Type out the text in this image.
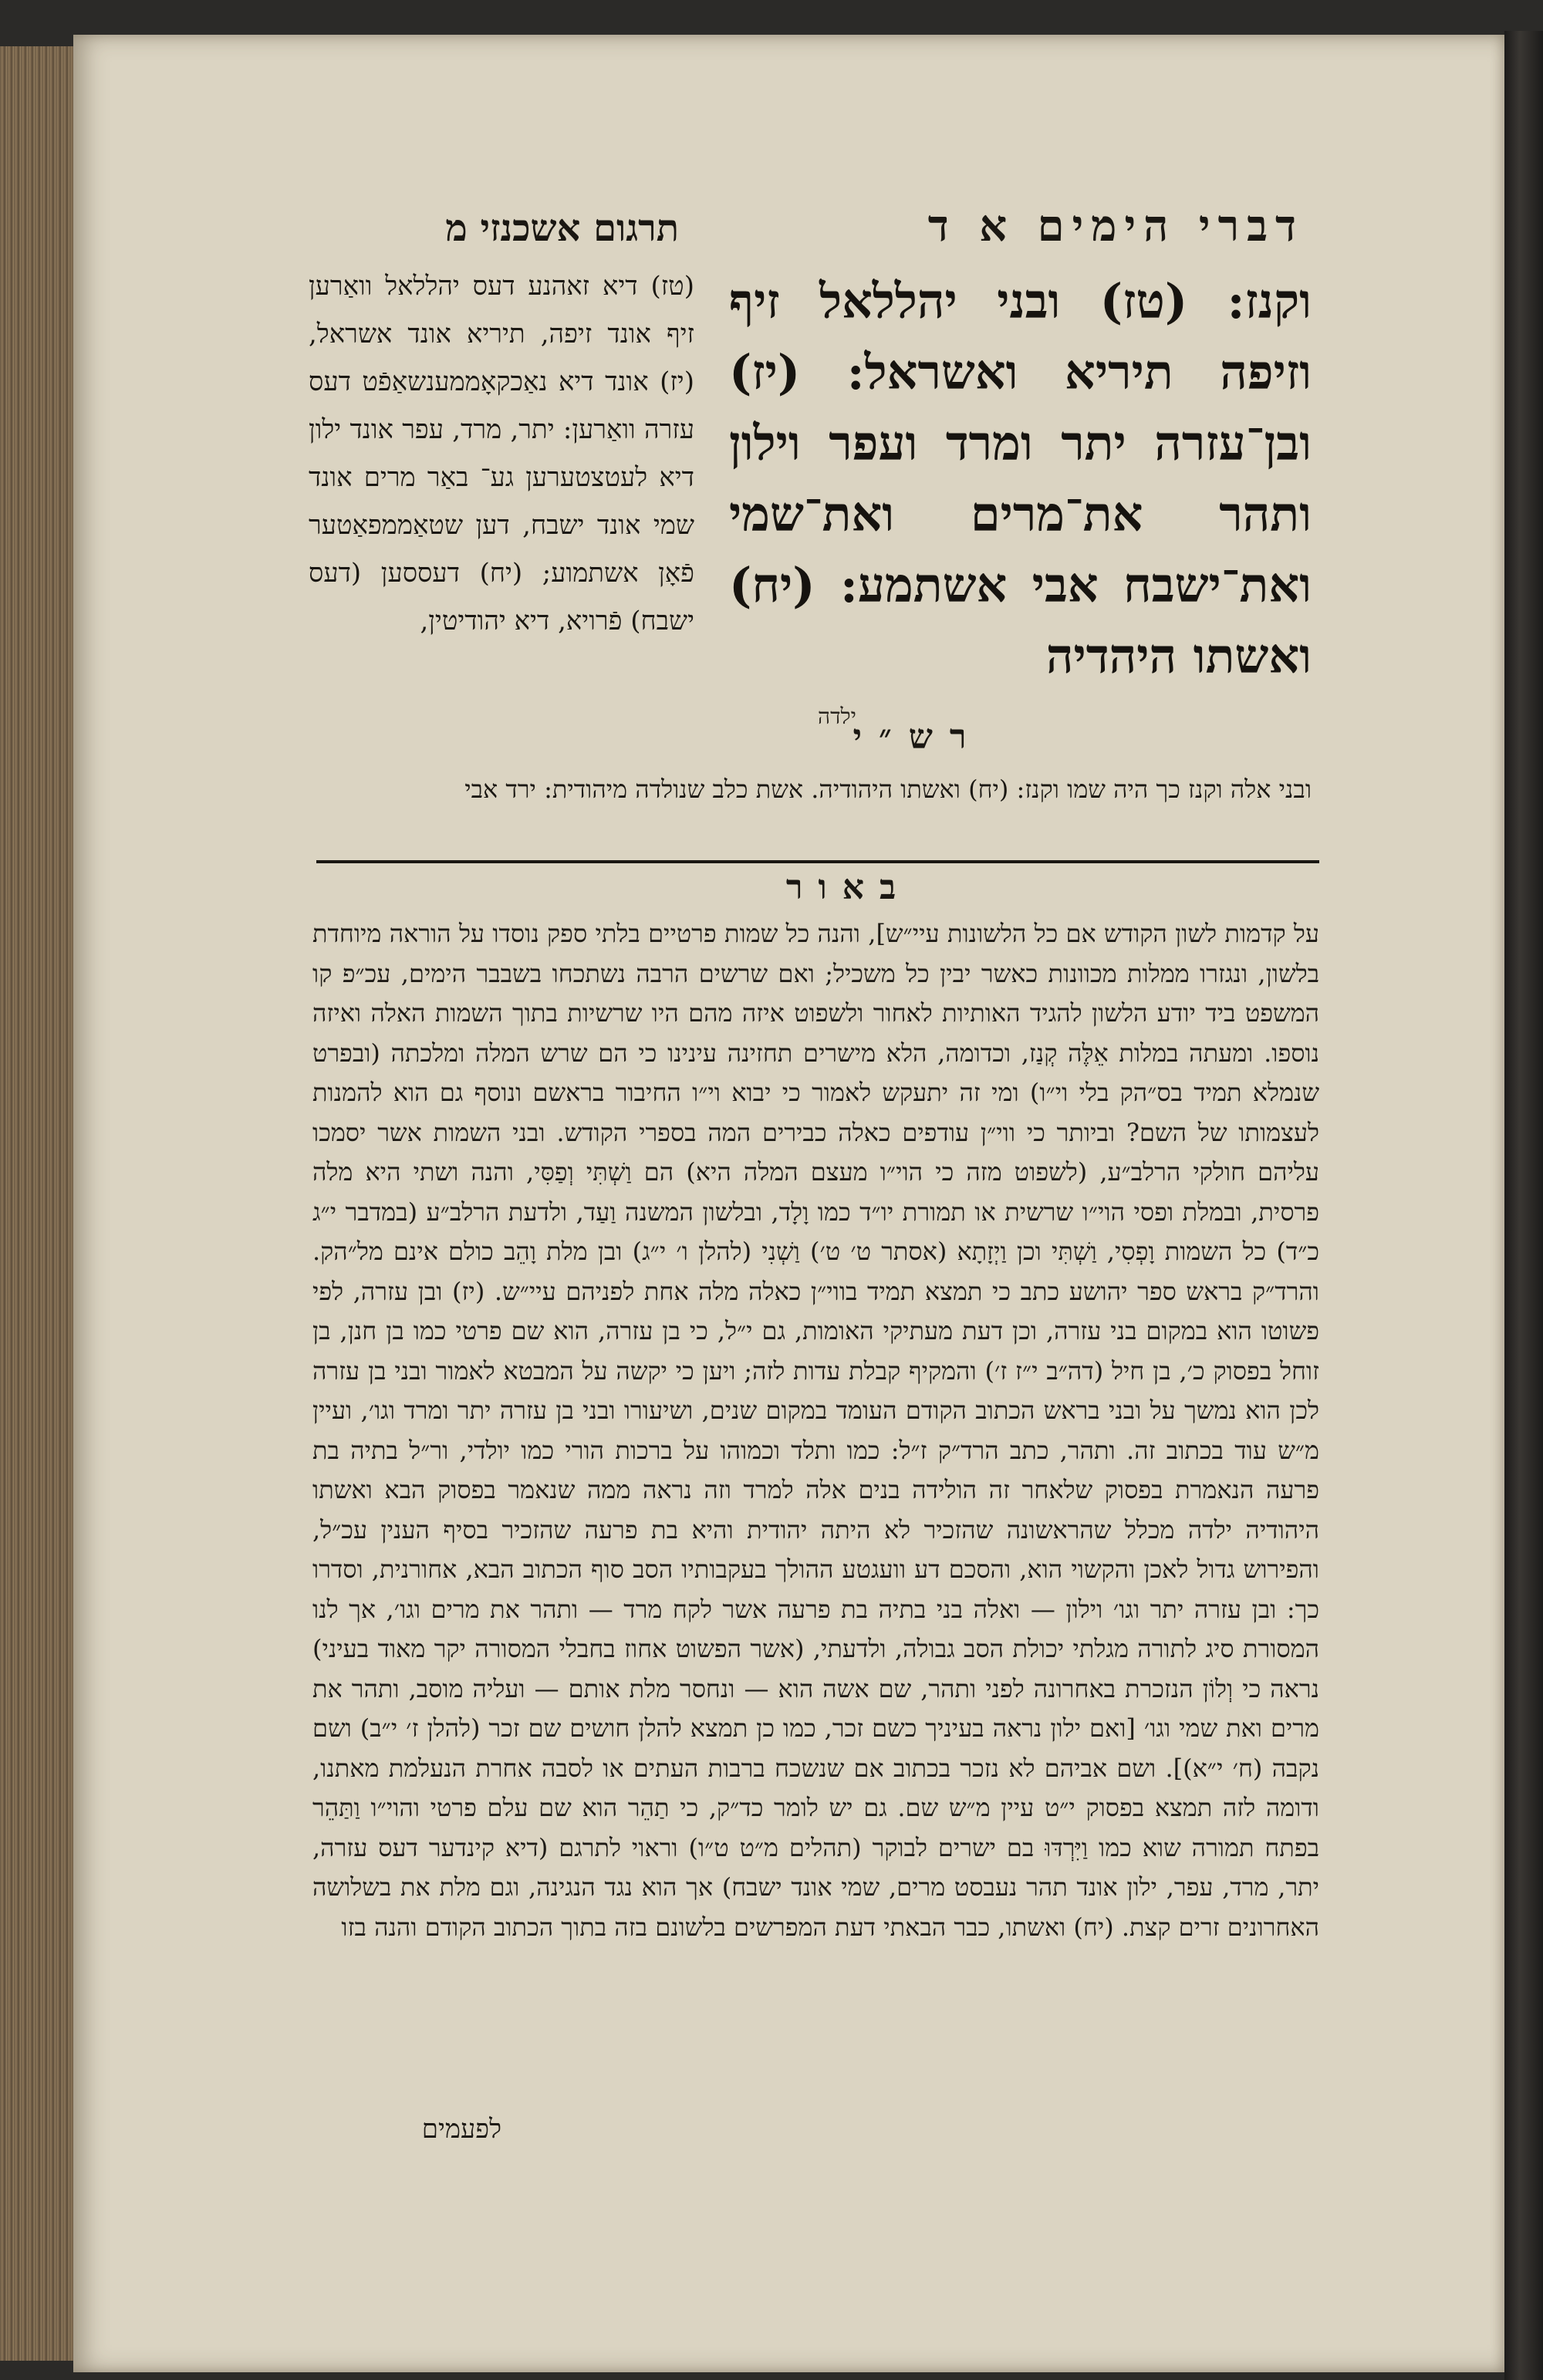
דברי הימים א ד
תרגום אשכנזי מ
וקנז: (טז) ובני יהללאל זיף וזיפה תיריא ואשראל: (יז) ובן־עזרה יתר ומרד ועפר וילון ותהר את־מרים ואת־שמי ואת־ישבח אבי אשתמע: (יח) ואשתו היהדיה
ילדה
(טז) דיא זאהנע דעס יהללאל וואַרען זיף אונד זיפה, תיריא אונד אשראל, (יז) אונד דיא נאַכקאָממענשאַפֿט דעס עזרה וואַרען: יתר, מרד, עפר אונד ילון דיא לעטצטערען גע־ באַר מרים אונד שמי אונד ישבח, דען שטאַממפאַטער פֿאָן אשתמוע; (יח) דעססען (דעס ישבח) פֿרויא, דיא יהודיטין,
רש״י
ובני אלה וקנז כך היה שמו וקנז: (יח) ואשתו היהודיה. אשת כלב שנולדה מיהודית: ירד אבי
באור

על קדמות לשון הקודש אם כל הלשונות עיי״ש], והנה כל שמות פרטיים בלתי ספק נוסדו על הוראה מיוחדת בלשון, ונגזרו ממלות מכוונות כאשר יבין כל משכיל; ואם שרשים הרבה נשתכחו בשבבר הימים, עכ״פ קו המשפט ביד יודע הלשון להגיד האותיות לאחור ולשפוט איזה מהם היו שרשיות בתוך השמות האלה ואיזה נוספו. ומעתה במלות אֵלֶּה קְנַז, וכדומה, הלא מישרים תחזינה עינינו כי הם שרש המלה ומלכתה (ובפרט שנמלא תמיד בס״הק בלי וי״ו) ומי זה יתעקש לאמור כי יבוא וי״ו החיבור בראשם ונוסף גם הוא להמנות לעצמותו של השם? וביותר כי ווי״ן עודפים כאלה כבירים המה בספרי הקודש. ובני השמות אשר יסמכו עליהם חולקי הרלב״ע, (לשפוט מזה כי הוי״ו מעצם המלה היא) הם וַשְׁתִּי וְפַסִּי, והנה ושתי היא מלה פרסית, ובמלת ופסי הוי״ו שרשית או תמורת יו״ד כמו וָלָד, ובלשון המשנה וַעַד, ולדעת הרלב״ע (במדבר י״ג כ״ד) כל השמות וָפְסִי, וַשְׁתִּי וכן וַיְזָתָא (אסתר ט׳ ט׳) וַשְׁנִי (להלן ו׳ י״ג) ובן מלת וָהֵב כולם אינם מל״הק. והרד״ק בראש ספר יהושע כתב כי תמצא תמיד בווי״ן כאלה מלה אחת לפניהם עיי״ש. (יז) ובן עזרה, לפי פשוטו הוא במקום בני עזרה, וכן דעת מעתיקי האומות, גם י״ל, כי בן עזרה, הוא שם פרטי כמו בן חנן, בן זוחל בפסוק כ׳, בן חיל (דה״ב י״ז ז׳) והמקיף קבלת עדות לזה; ויען כי יקשה על המבטא לאמור ובני בן עזרה לכן הוא נמשך על ובני בראש הכתוב הקודם העומד במקום שנים, ושיעורו ובני בן עזרה יתר ומרד וגו׳, ועיין מ״ש עוד בכתוב זה. ותהר, כתב הרד״ק ז״ל: כמו ותלד וכמוהו על ברכות הורי כמו יולדי, ור״ל בתיה בת פרעה הנאמרת בפסוק שלאחר זה הולידה בנים אלה למרד וזה נראה ממה שנאמר בפסוק הבא ואשתו היהודיה ילדה מכלל שהראשונה שהזכיר לא היתה יהודית והיא בת פרעה שהזכיר בסיף הענין עכ״ל, והפירוש גדול לאכן והקשוי הוא, והסכם דע וועגטע ההולך בעקבותיו הסב סוף הכתוב הבא, אחורנית, וסדרו כך: ובן עזרה יתר וגו׳ וילון — ואלה בני בתיה בת פרעה אשר לקח מרד — ותהר את מרים וגו׳, אך לנו המסורת סיג לתורה מגלתי יכולת הסב גבולה, ולדעתי, (אשר הפשוט אחוז בחבלי המסורה יקר מאוד בעיני) נראה כי וְלוֹן הנזכרת באחרונה לפני ותהר, שם אשה הוא — ונחסר מלת אותם — ועליה מוסב, ותהר את מרים ואת שמי וגו׳ [ואם ילון נראה בעיניך כשם זכר, כמו כן תמצא להלן חושים שם זכר (להלן ז׳ י״ב) ושם נקבה (ח׳ י״א)]. ושם אביהם לא נזכר בכתוב אם שנשכח ברבות העתים או לסבה אחרת הנעלמת מאתנו, ודומה לזה תמצא בפסוק י״ט עיין מ״ש שם. גם יש לומר כד״ק, כי תַהֵר הוא שם עלם פרטי והוי״ו וַתַּהֵר בפתח תמורה שוא כמו וַיִּרְדּוּ בם ישרים לבוקר (תהלים מ״ט ט״ו) וראוי לתרגם (דיא קינדער דעס עזרה, יתר, מרד, עפר, ילון אונד תהר נעבסט מרים, שמי אונד ישבח) אך הוא נגד הנגינה, וגם מלת את בשלושה האחרונים זרים קצת. (יח) ואשתו, כבר הבאתי דעת המפרשים בלשונם בזה בתוך הכתוב הקודם והנה בזו

לפעמים
